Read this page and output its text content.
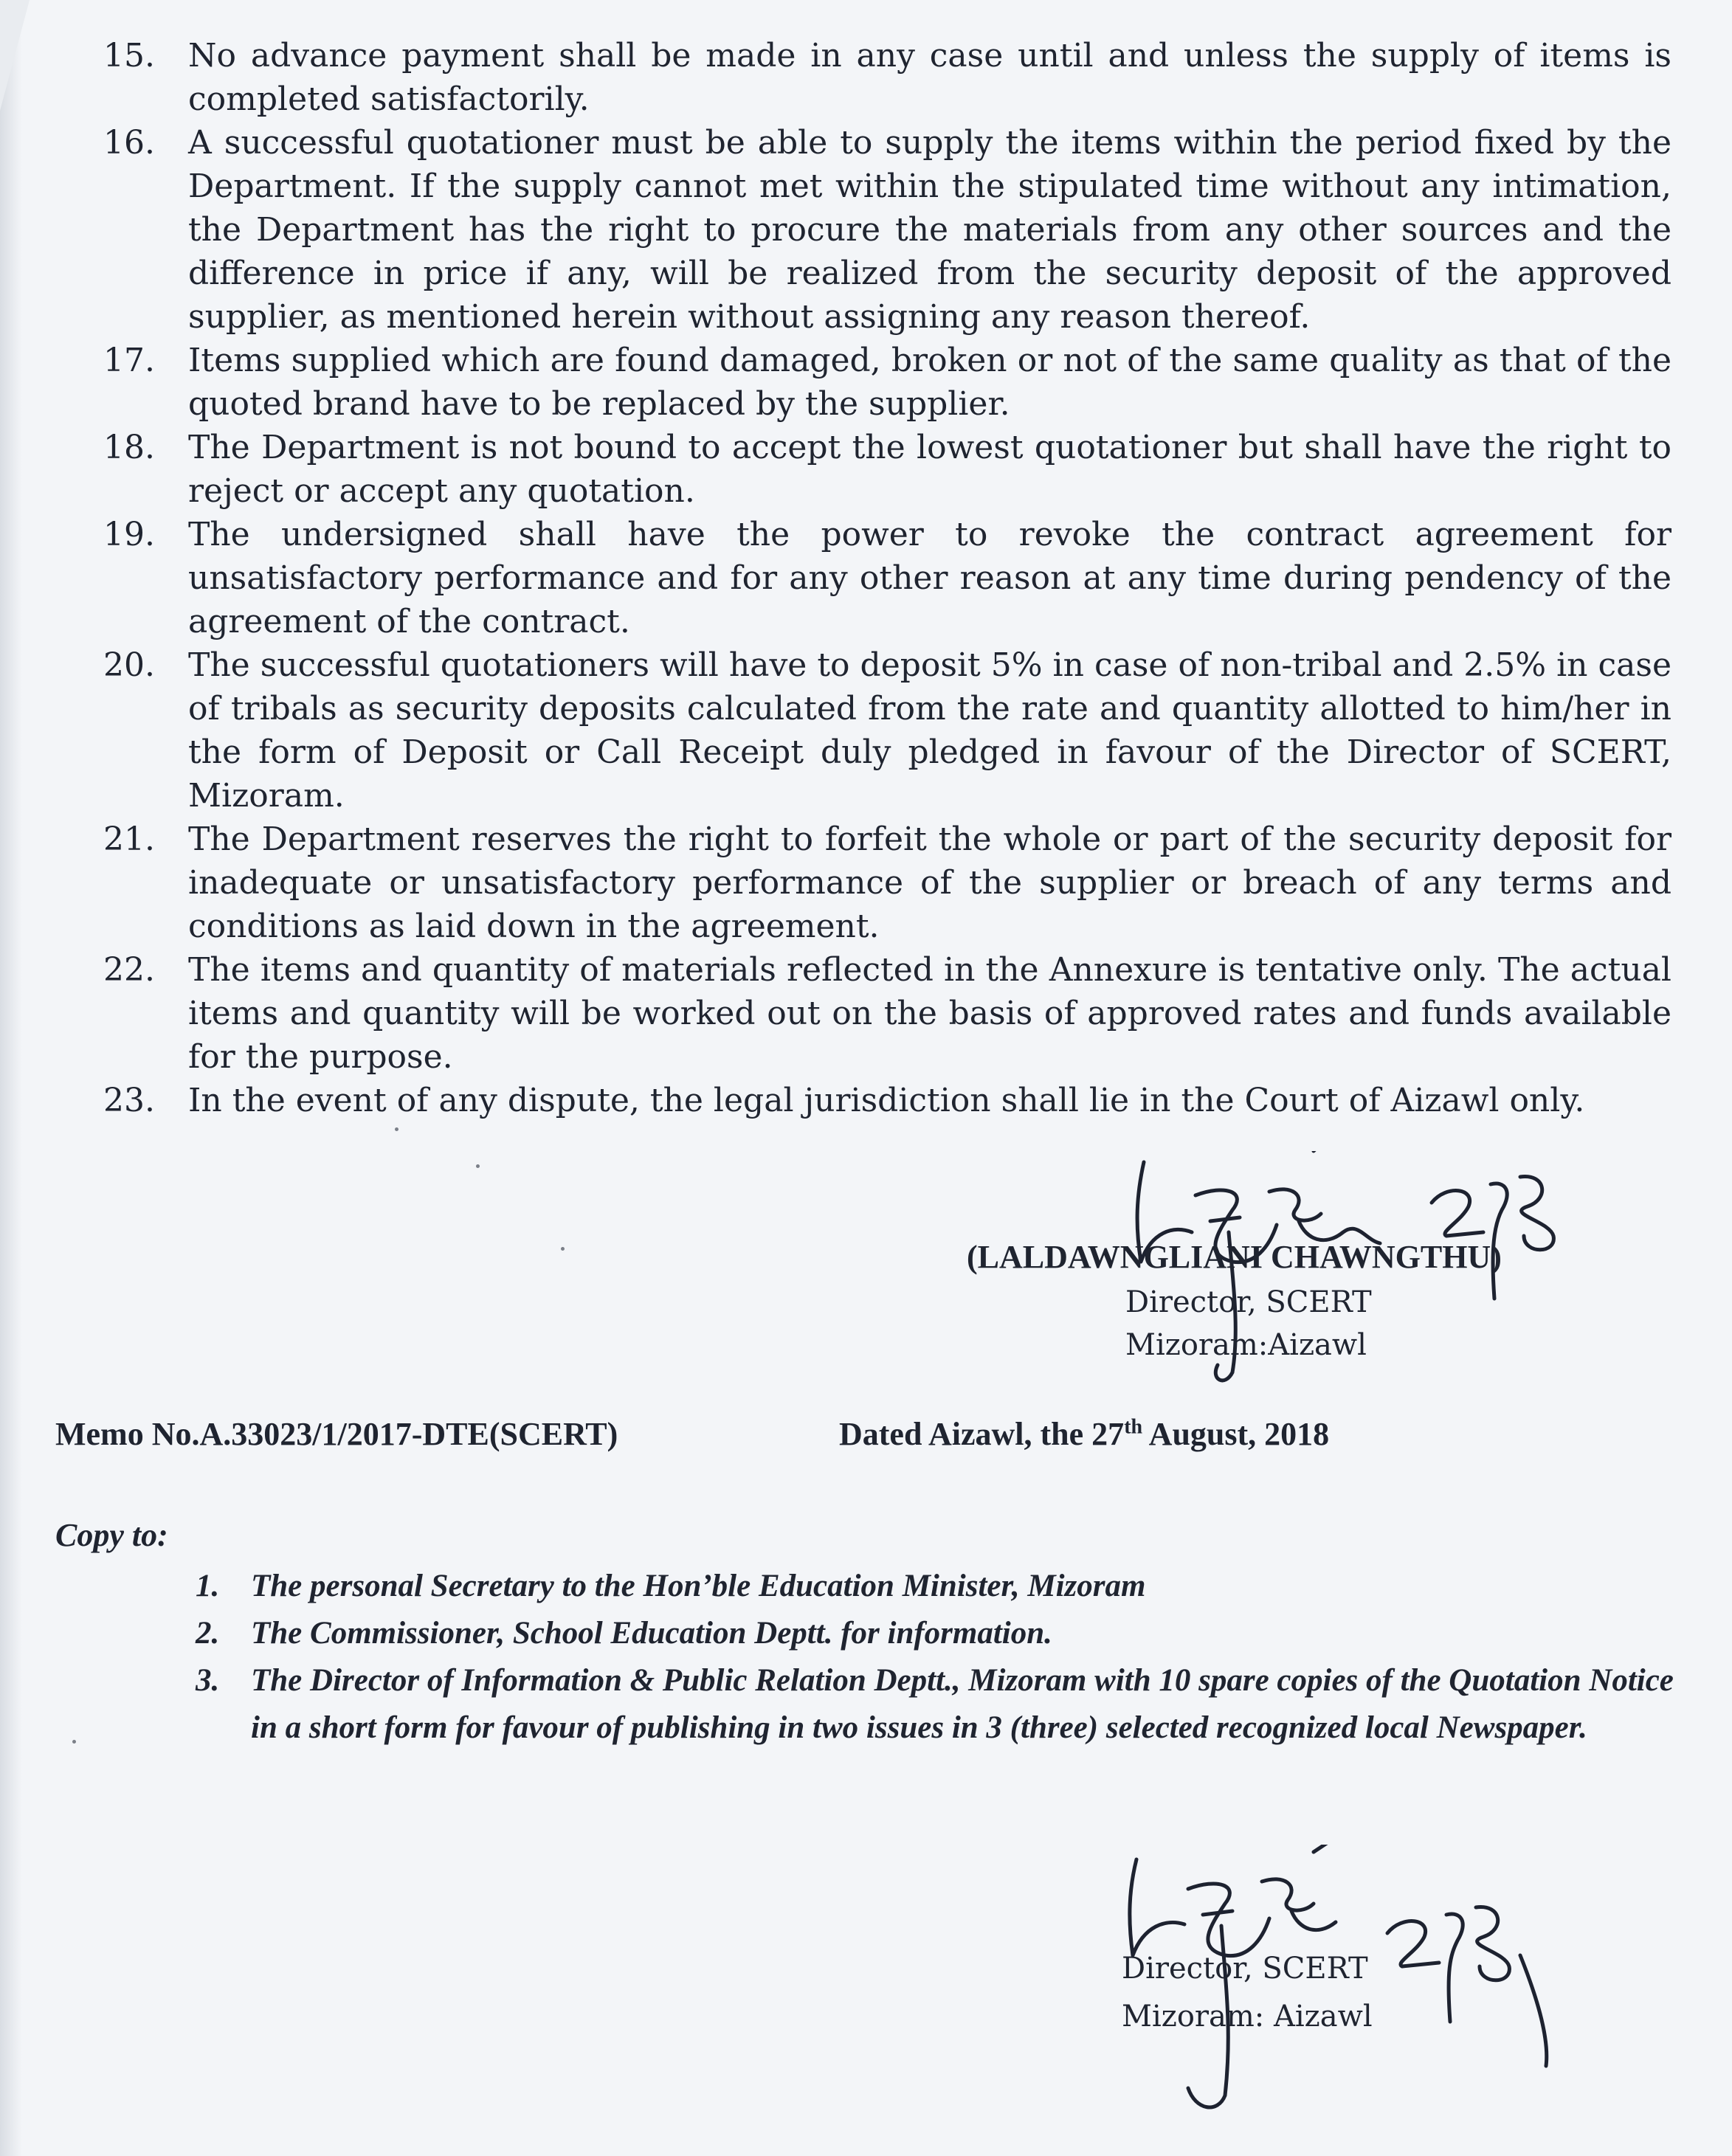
15.	No advance payment shall be made in any case until and unless the supply of items is completed satisfactorily.
16.	A successful quotationer must be able to supply the items within the period fixed by the Department. If the supply cannot met within the stipulated time without any intimation, the Department has the right to procure the materials from any other sources and the difference in price if any, will be realized from the security deposit of the approved supplier, as mentioned herein without assigning any reason thereof.
17.	Items supplied which are found damaged, broken or not of the same quality as that of the quoted brand have to be replaced by the supplier.
18.	The Department is not bound to accept the lowest quotationer but shall have the right to reject or accept any quotation.
19.	The undersigned shall have the power to revoke the contract agreement for unsatisfactory performance and for any other reason at any time during pendency of the agreement of the contract.
20.	The successful quotationers will have to deposit 5% in case of non-tribal and 2.5% in case of tribals as security deposits calculated from the rate and quantity allotted to him/her in the form of Deposit or Call Receipt duly pledged in favour of the Director of SCERT, Mizoram.
21.	The Department reserves the right to forfeit the whole or part of the security deposit for inadequate or unsatisfactory performance of the supplier or breach of any terms and conditions as laid down in the agreement.
22.	The items and quantity of materials reflected in the Annexure is tentative only. The actual items and quantity will be worked out on the basis of approved rates and funds available for the purpose.
23.	In the event of any dispute, the legal jurisdiction shall lie in the Court of Aizawl only.
(LALDAWNGLIANI CHAWNGTHU)
Director, SCERT
Mizoram:Aizawl
Memo No.A.33023/1/2017-DTE(SCERT)	Dated Aizawl, the 27th August, 2018
Copy to:
1. The personal Secretary to the Hon’ble Education Minister, Mizoram
2. The Commissioner, School Education Deptt. for information.
3. The Director of Information & Public Relation Deptt., Mizoram with 10 spare copies of the Quotation Notice in a short form for favour of publishing in two issues in 3 (three) selected recognized local Newspaper.
Director, SCERT
Mizoram: Aizawl
